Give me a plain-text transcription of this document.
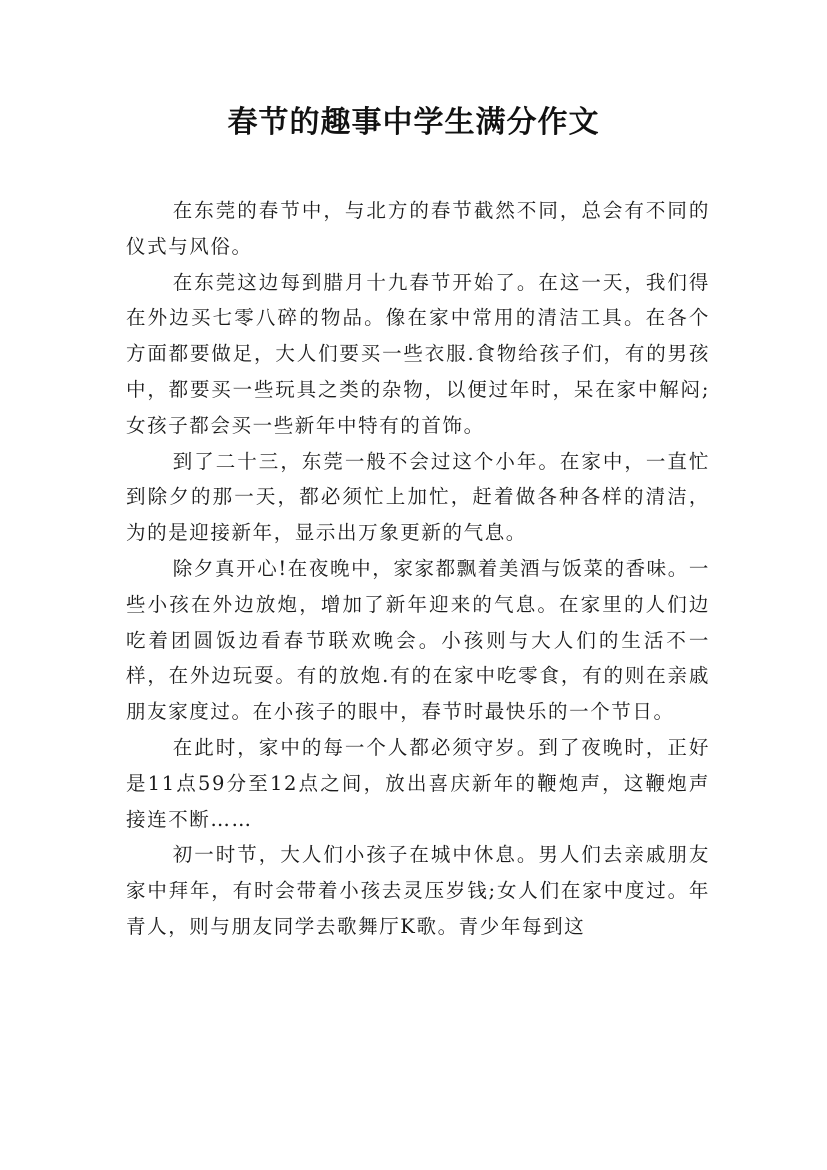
春节的趣事中学生满分作文

在东莞的春节中，与北方的春节截然不同，总会有不同的仪式与风俗。

在东莞这边每到腊月十九春节开始了。在这一天，我们得在外边买七零八碎的物品。像在家中常用的清洁工具。在各个方面都要做足，大人们要买一些衣服.食物给孩子们，有的男孩中，都要买一些玩具之类的杂物，以便过年时，呆在家中解闷;女孩子都会买一些新年中特有的首饰。

到了二十三，东莞一般不会过这个小年。在家中，一直忙到除夕的那一天，都必须忙上加忙，赶着做各种各样的清洁，为的是迎接新年，显示出万象更新的气息。

除夕真开心!在夜晚中，家家都飘着美酒与饭菜的香味。一些小孩在外边放炮，增加了新年迎来的气息。在家里的人们边吃着团圆饭边看春节联欢晚会。小孩则与大人们的生活不一样，在外边玩耍。有的放炮.有的在家中吃零食，有的则在亲戚朋友家度过。在小孩子的眼中，春节时最快乐的一个节日。

在此时，家中的每一个人都必须守岁。到了夜晚时，正好是11点59分至12点之间，放出喜庆新年的鞭炮声，这鞭炮声接连不断……

初一时节，大人们小孩子在城中休息。男人们去亲戚朋友家中拜年，有时会带着小孩去灵压岁钱;女人们在家中度过。年青人，则与朋友同学去歌舞厅K歌。青少年每到这
